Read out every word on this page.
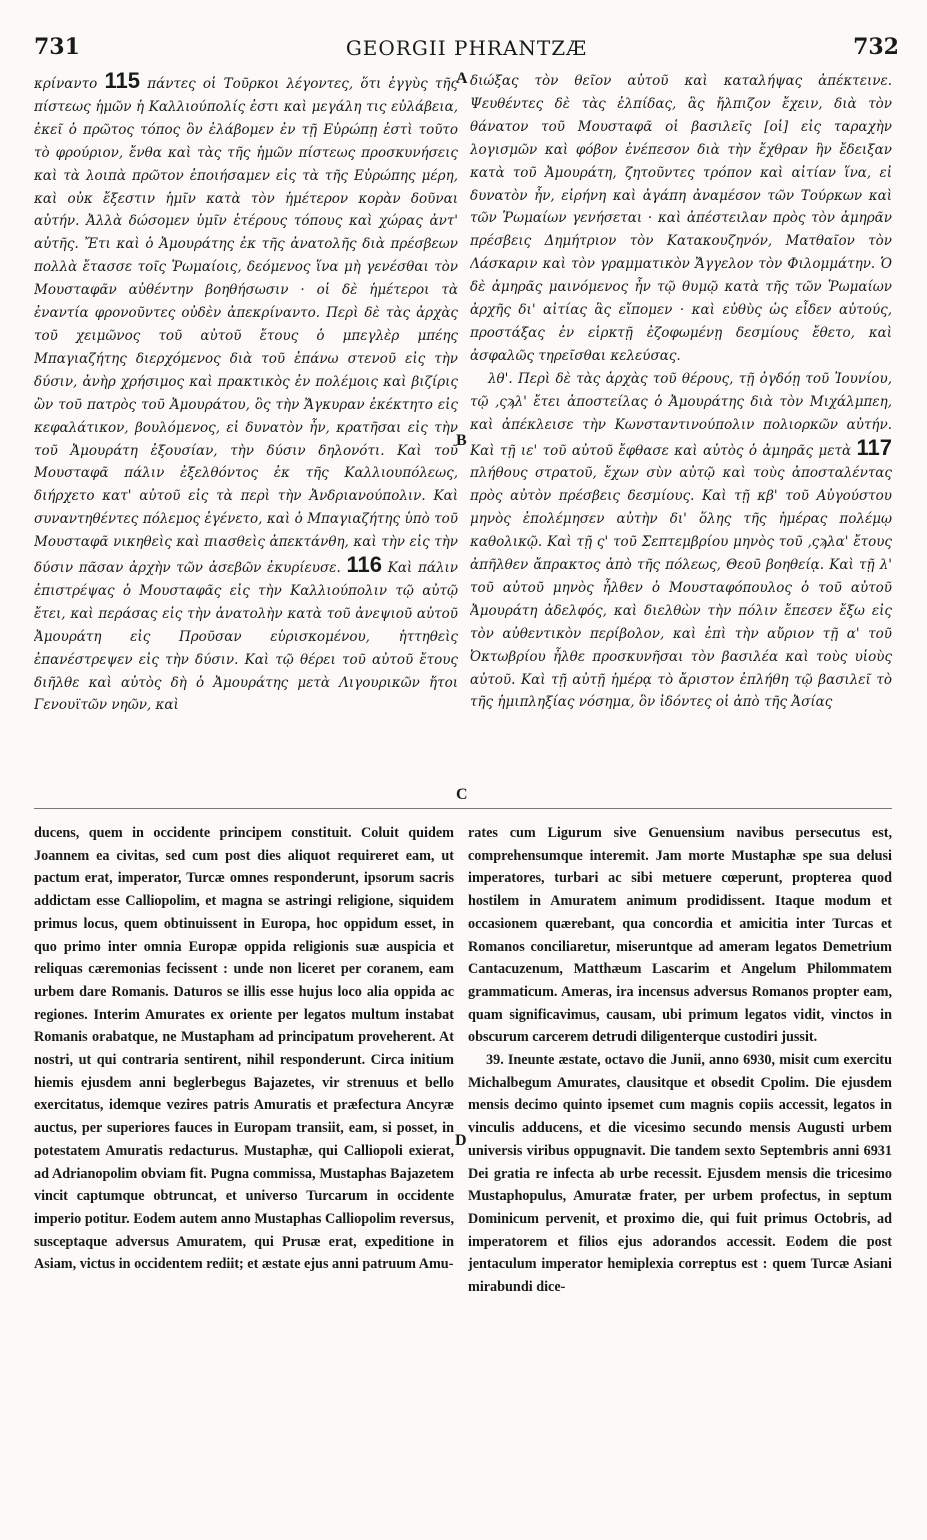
731	GEORGII PHRANTZÆ	732

κρίναντο 115 πάντες οἱ Τοῦρκοι λέγοντες, ὅτι ἐγγὺς τῆς πίστεως ἡμῶν ἡ Καλλιούπολίς ἐστι καὶ μεγάλη τις εὐλάβεια, ἐκεῖ ὁ πρῶτος τόπος ὃν ἐλάβομεν ἐν τῇ Εὐρώπῃ ἐστὶ τοῦτο τὸ φρούριον, ἔνθα καὶ τὰς τῆς ἡμῶν πίστεως προσκυνήσεις καὶ τὰ λοιπὰ πρῶτον ἐποιήσαμεν εἰς τὰ τῆς Εὐρώπης μέρη, καὶ οὐκ ἔξεστιν ἡμῖν κατὰ τὸν ἡμέτερον κορὰν δοῦναι αὐτήν. Ἀλλὰ δώσομεν ὑμῖν ἑτέρους τόπους καὶ χώρας ἀντ' αὐτῆς. Ἔτι καὶ ὁ Ἀμουράτης ἐκ τῆς ἀνατολῆς διὰ πρέσβεων πολλὰ ἔτασσε τοῖς Ῥωμαίοις, δεόμενος ἵνα μὴ γενέσθαι τὸν Μουσταφᾶν αὐθέντην βοηθήσωσιν · οἱ δὲ ἡμέτεροι τὰ ἐναντία φρονοῦντες οὐδὲν ἀπεκρίναντο. Περὶ δὲ τὰς ἀρχὰς τοῦ χειμῶνος τοῦ αὐτοῦ ἔτους ὁ μπεγλὲρ μπέης Μπαγιαζήτης διερχόμενος διὰ τοῦ ἐπάνω στενοῦ εἰς τὴν δύσιν, ἀνὴρ χρήσιμος καὶ πρακτικὸς ἐν πολέμοις καὶ βιζίρις ὢν τοῦ πατρὸς τοῦ Ἀμουράτου, ὃς τὴν Ἄγκυραν ἐκέκτητο εἰς κεφαλάτικον, βουλόμενος, εἰ δυνατὸν ἦν, κρατῆσαι εἰς τὴν τοῦ Ἀμουράτη ἐξουσίαν, τὴν δύσιν δηλονότι. Καὶ τοῦ Μουσταφᾶ πάλιν ἐξελθόντος ἐκ τῆς Καλλιουπόλεως, διήρχετο κατ' αὐτοῦ εἰς τὰ περὶ τὴν Ἀνδριανούπολιν. Καὶ συναντηθέντες πόλεμος ἐγένετο, καὶ ὁ Μπαγιαζήτης ὑπὸ τοῦ Μουσταφᾶ νικηθεὶς καὶ πιασθεὶς ἀπεκτάνθη, καὶ τὴν εἰς τὴν δύσιν πᾶσαν ἀρχὴν τῶν ἀσεβῶν ἐκυρίευσε. 116 Καὶ πάλιν ἐπιστρέψας ὁ Μουσταφᾶς εἰς τὴν Καλλιούπολιν τῷ αὐτῷ ἔτει, καὶ περάσας εἰς τὴν ἀνατολὴν κατὰ τοῦ ἀνεψιοῦ αὐτοῦ Ἀμουράτη εἰς Προῦσαν εὑρισκομένου, ἡττηθεὶς ἐπανέστρεψεν εἰς τὴν δύσιν. Καὶ τῷ θέρει τοῦ αὐτοῦ ἔτους διῆλθε καὶ αὐτὸς δὴ ὁ Ἀμουράτης μετὰ Λιγουρικῶν ἤτοι Γενουϊτῶν νηῶν, καὶ

A
B
C

διώξας τὸν θεῖον αὐτοῦ καὶ καταλήψας ἀπέκτεινε. Ψευθέντες δὲ τὰς ἐλπίδας, ἃς ἤλπιζον ἔχειν, διὰ τὸν θάνατον τοῦ Μουσταφᾶ οἱ βασιλεῖς [οἱ] εἰς ταραχὴν λογισμῶν καὶ φόβον ἐνέπεσον διὰ τὴν ἔχθραν ἣν ἔδειξαν κατὰ τοῦ Ἀμουράτη, ζητοῦντες τρόπον καὶ αἰτίαν ἵνα, εἰ δυνατὸν ἦν, εἰρήνη καὶ ἀγάπη ἀναμέσον τῶν Τούρκων καὶ τῶν Ῥωμαίων γενήσεται · καὶ ἀπέστειλαν πρὸς τὸν ἀμηρᾶν πρέσβεις Δημήτριον τὸν Κατακουζηνόν, Ματθαῖον τὸν Λάσκαριν καὶ τὸν γραμματικὸν Ἄγγελον τὸν Φιλομμάτην. Ὁ δὲ ἀμηρᾶς μαινόμενος ἦν τῷ θυμῷ κατὰ τῆς τῶν Ῥωμαίων ἀρχῆς δι' αἰτίας ἃς εἴπομεν · καὶ εὐθὺς ὡς εἶδεν αὐτούς, προστάξας ἐν εἱρκτῇ ἐζοφωμένῃ δεσμίους ἔθετο, καὶ ἀσφαλῶς τηρεῖσθαι κελεύσας.

λθ'. Περὶ δὲ τὰς ἀρχὰς τοῦ θέρους, τῇ ὀγδόῃ τοῦ Ἰουνίου, τῷ ‚ςϡλ' ἔτει ἀποστείλας ὁ Ἀμουράτης διὰ τὸν Μιχάλμπεη, καὶ ἀπέκλεισε τὴν Κωνσταντινούπολιν πολιορκῶν αὐτήν. Καὶ τῇ ιε' τοῦ αὐτοῦ ἔφθασε καὶ αὐτὸς ὁ ἀμηρᾶς μετὰ 117 πλήθους στρατοῦ, ἔχων σὺν αὐτῷ καὶ τοὺς ἀποσταλέντας πρὸς αὐτὸν πρέσβεις δεσμίους. Καὶ τῇ κβ' τοῦ Αὐγούστου μηνὸς ἐπολέμησεν αὐτὴν δι' ὅλης τῆς ἡμέρας πολέμῳ καθολικῷ. Καὶ τῇ ς' τοῦ Σεπτεμβρίου μηνὸς τοῦ ‚ςϡλα' ἔτους ἀπῆλθεν ἄπρακτος ἀπὸ τῆς πόλεως, Θεοῦ βοηθείᾳ. Καὶ τῇ λ' τοῦ αὐτοῦ μηνὸς ἦλθεν ὁ Μουσταφόπουλος ὁ τοῦ αὐτοῦ Ἀμουράτη ἀδελφός, καὶ διελθὼν τὴν πόλιν ἔπεσεν ἔξω εἰς τὸν αὐθεντικὸν περίβολον, καὶ ἐπὶ τὴν αὔριον τῇ α' τοῦ Ὀκτωβρίου ἦλθε προσκυνῆσαι τὸν βασιλέα καὶ τοὺς υἱοὺς αὐτοῦ. Καὶ τῇ αὐτῇ ἡμέρᾳ τὸ ἄριστον ἐπλήθη τῷ βασιλεῖ τὸ τῆς ἡμιπληξίας νόσημα, ὃν ἰδόντες οἱ ἀπὸ τῆς Ἀσίας

ducens, quem in occidente principem constituit. Coluit quidem Joannem ea civitas, sed cum post dies aliquot requireret eam, ut pactum erat, imperator, Turcæ omnes responderunt, ipsorum sacris addictam esse Calliopolim, et magna se astringi religione, siquidem primus locus, quem obtinuissent in Europa, hoc oppidum esset, in quo primo inter omnia Europæ oppida religionis suæ auspicia et reliquas cæremonias fecissent : unde non liceret per coranem, eam urbem dare Romanis. Daturos se illis esse hujus loco alia oppida ac regiones. Interim Amurates ex oriente per legatos multum instabat Romanis orabatque, ne Mustapham ad principatum proveherent. At nostri, ut qui contraria sentirent, nihil responderunt. Circa initium hiemis ejusdem anni beglerbegus Bajazetes, vir strenuus et bello exercitatus, idemque vezires patris Amuratis et præfectura Ancyræ auctus, per superiores fauces in Europam transiit, eam, si posset, in potestatem Amuratis redacturus. Mustaphæ, qui Calliopoli exierat, ad Adrianopolim obviam fit. Pugna commissa, Mustaphas Bajazetem vincit captumque obtruncat, et universo Turcarum in occidente imperio potitur. Eodem autem anno Mustaphas Calliopolim reversus, susceptaque adversus Amuratem, qui Prusæ erat, expeditione in Asiam, victus in occidentem rediit; et æstate ejus anni patruum Amu-

D

rates cum Ligurum sive Genuensium navibus persecutus est, comprehensumque interemit. Jam morte Mustaphæ spe sua delusi imperatores, turbari ac sibi metuere cœperunt, propterea quod hostilem in Amuratem animum prodidissent. Itaque modum et occasionem quærebant, qua concordia et amicitia inter Turcas et Romanos conciliaretur, miseruntque ad ameram legatos Demetrium Cantacuzenum, Matthæum Lascarim et Angelum Philommatem grammaticum. Ameras, ira incensus adversus Romanos propter eam, quam significavimus, causam, ubi primum legatos vidit, vinctos in obscurum carcerem detrudi diligenterque custodiri jussit.

39. Ineunte æstate, octavo die Junii, anno 6930, misit cum exercitu Michalbegum Amurates, clausitque et obsedit Cpolim. Die ejusdem mensis decimo quinto ipsemet cum magnis copiis accessit, legatos in vinculis adducens, et die vicesimo secundo mensis Augusti urbem universis viribus oppugnavit. Die tandem sexto Septembris anni 6931 Dei gratia re infecta ab urbe recessit. Ejusdem mensis die tricesimo Mustaphopulus, Amuratæ frater, per urbem profectus, in septum Dominicum pervenit, et proximo die, qui fuit primus Octobris, ad imperatorem et filios ejus adorandos accessit. Eodem die post jentaculum imperator hemiplexia correptus est : quem Turcæ Asiani mirabundi dice-
